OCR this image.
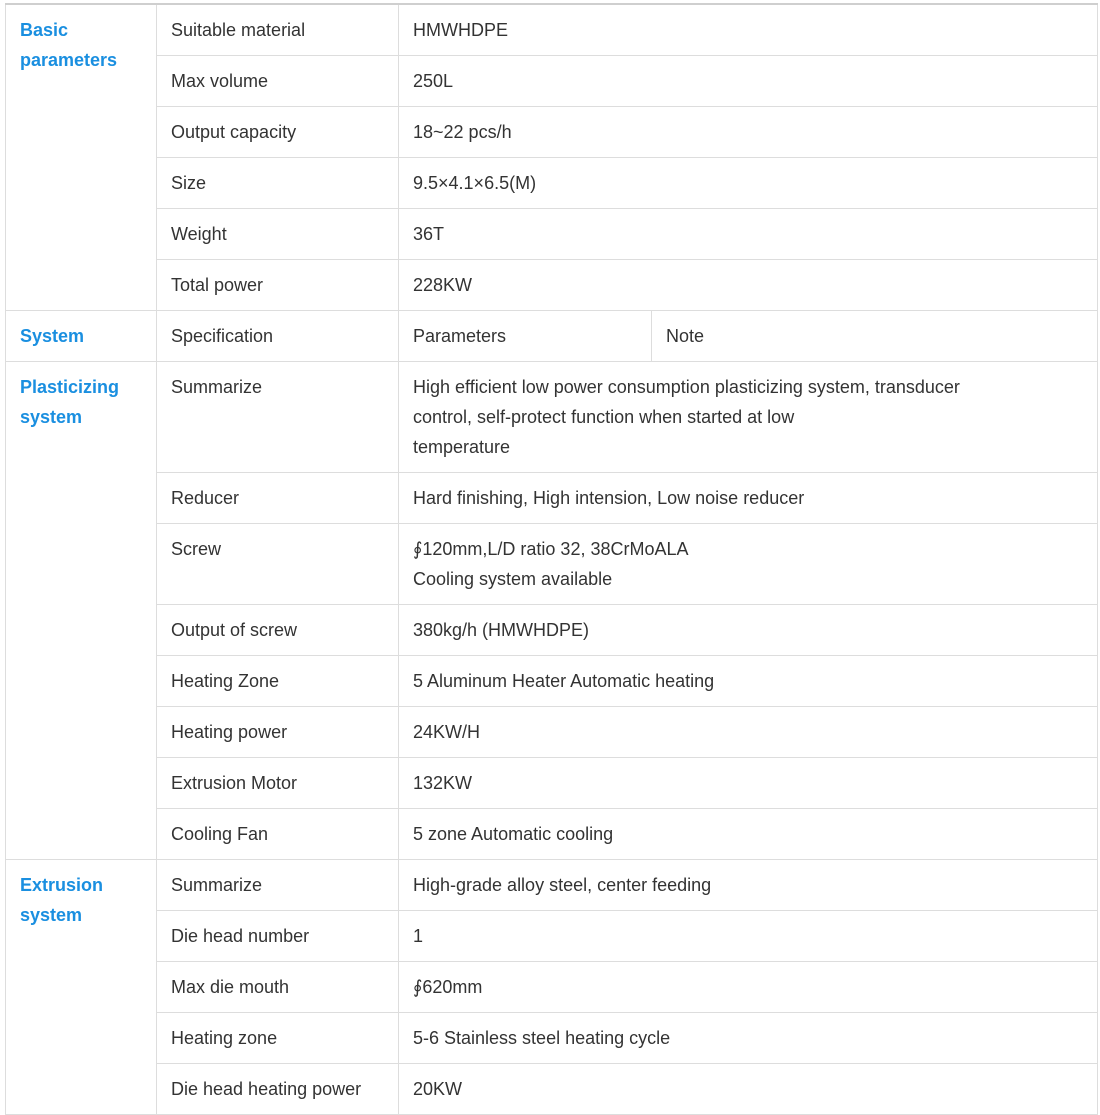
Basic parameters	Suitable material	HMWHDPE	
	Max volume	250L	
	Output capacity	18~22 pcs/h	
	Size	9.5×4.1×6.5(M)	
	Weight	36T	
	Total power	228KW	
System	Specification	Parameters	Note
Plasticizing system	Summarize	High efficient low power consumption plasticizing system, transducer
control, self-protect function when started at low
temperature	

	Reducer	Hard finishing, High intension, Low noise reducer	
	Screw	∮120mm,L/D ratio 32, 38CrMoALA
Cooling system available	

	Output of screw	380kg/h (HMWHDPE)	
	Heating Zone	5 Aluminum Heater Automatic heating	
	Heating power	24KW/H	
	Extrusion Motor	132KW	
	Cooling Fan	5 zone Automatic cooling	
Extrusion system	Summarize	High-grade alloy steel, center feeding	
	Die head number	1	
	Max die mouth	∮620mm	
	Heating zone	5-6 Stainless steel heating cycle	
	Die head heating power	20KW	
